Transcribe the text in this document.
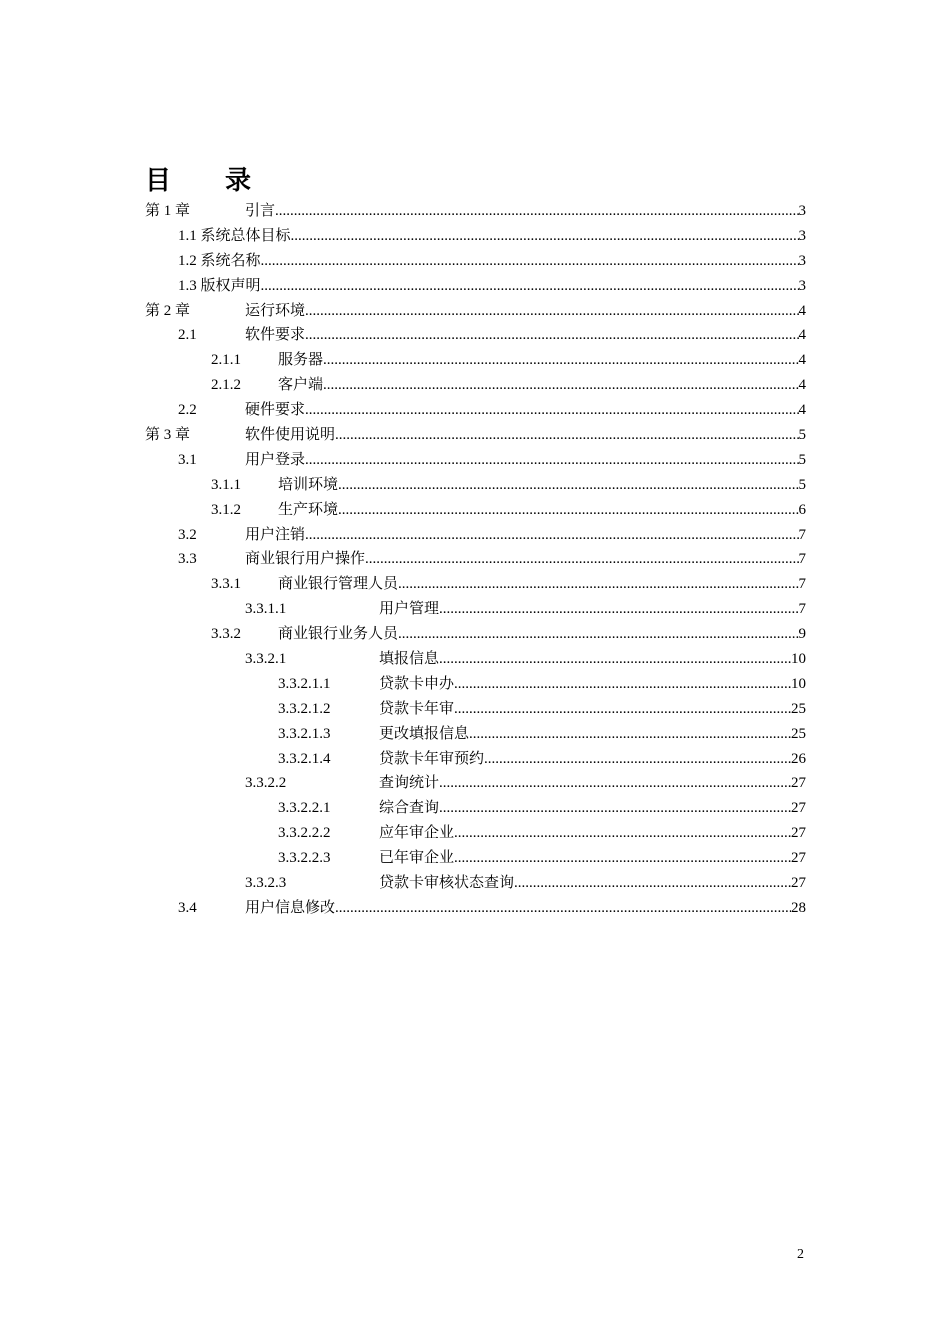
目　录
第 1 章	引言 .....	3
1.1 系统总体目标 .....	3
1.2 系统名称 .....	3
1.3 版权声明 .....	3
第 2 章	运行环境 .....	4
2.1	软件要求 .....	4
2.1.1 服务器 .....	4
2.1.2 客户端 .....	4
2.2	硬件要求 .....	4
第 3 章	软件使用说明 .....	5
3.1	用户登录 .....	5
3.1.1 培训环境 .....	5
3.1.2 生产环境 .....	6
3.2	用户注销 .....	7
3.3	商业银行用户操作 .....	7
3.3.1 商业银行管理人员 .....	7
3.3.1.1	用户管理 .....	7
3.3.2 商业银行业务人员 .....	9
3.3.2.1	填报信息 .....	10
3.3.2.1.1	贷款卡申办 .....	10
3.3.2.1.2	贷款卡年审 .....	25
3.3.2.1.3	更改填报信息 .....	25
3.3.2.1.4	贷款卡年审预约 .....	26
3.3.2.2	查询统计 .....	27
3.3.2.2.1	综合查询 .....	27
3.3.2.2.2	应年审企业 .....	27
3.3.2.2.3	已年审企业 .....	27
3.3.2.3	贷款卡审核状态查询 .....	27
3.4	用户信息修改 .....	28
2
